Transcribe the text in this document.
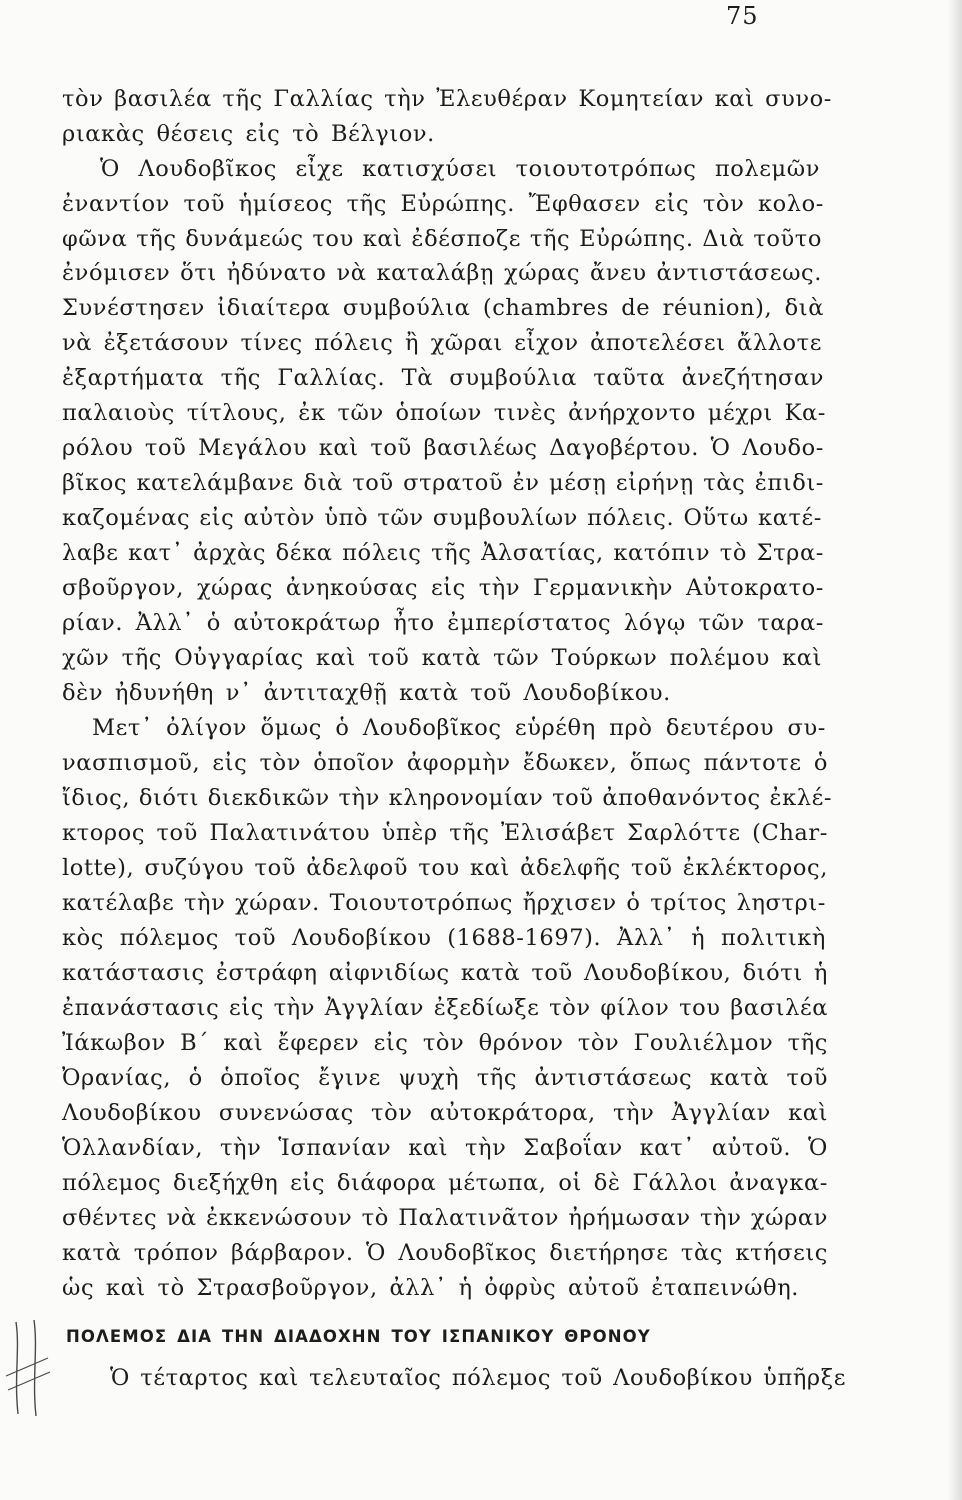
75
τὸν βασιλέα τῆς Γαλλίας τὴν Ἐλευθέραν Κομητείαν καὶ συνο-
ριακὰς θέσεις εἰς τὸ Βέλγιον.
Ὁ Λουδοβῖκος εἶχε κατισχύσει τοιουτοτρόπως πολεμῶν
ἐναντίον τοῦ ἡμίσεος τῆς Εὐρώπης. Ἔφθασεν εἰς τὸν κολο-
φῶνα τῆς δυνάμεώς του καὶ ἐδέσποζε τῆς Εὐρώπης. Διὰ τοῦτο
ἐνόμισεν ὅτι ἠδύνατο νὰ καταλάβῃ χώρας ἄνευ ἀντιστάσεως.
Συνέστησεν ἰδιαίτερα συμβούλια (chambres de réunion), διὰ
νὰ ἐξετάσουν τίνες πόλεις ἢ χῶραι εἶχον ἀποτελέσει ἄλλοτε
ἐξαρτήματα τῆς Γαλλίας. Τὰ συμβούλια ταῦτα ἀνεζήτησαν
παλαιοὺς τίτλους, ἐκ τῶν ὁποίων τινὲς ἀνήρχοντο μέχρι Κα-
ρόλου τοῦ Μεγάλου καὶ τοῦ βασιλέως Δαγοβέρτου. Ὁ Λουδο-
βῖκος κατελάμβανε διὰ τοῦ στρατοῦ ἐν μέσῃ εἰρήνῃ τὰς ἐπιδι-
καζομένας εἰς αὐτὸν ὑπὸ τῶν συμβουλίων πόλεις. Οὕτω κατέ-
λαβε κατ᾽ ἀρχὰς δέκα πόλεις τῆς Ἀλσατίας, κατόπιν τὸ Στρα-
σβοῦργον, χώρας ἀνηκούσας εἰς τὴν Γερμανικὴν Αὐτοκρατο-
ρίαν. Ἀλλ᾽ ὁ αὐτοκράτωρ ἦτο ἐμπερίστατος λόγῳ τῶν ταρα-
χῶν τῆς Οὐγγαρίας καὶ τοῦ κατὰ τῶν Τούρκων πολέμου καὶ
δὲν ἠδυνήθη ν᾽ ἀντιταχθῇ κατὰ τοῦ Λουδοβίκου.
Μετ᾽ ὀλίγον ὅμως ὁ Λουδοβῖκος εὑρέθη πρὸ δευτέρου συ-
νασπισμοῦ, εἰς τὸν ὁποῖον ἀφορμὴν ἔδωκεν, ὅπως πάντοτε ὁ
ἴδιος, διότι διεκδικῶν τὴν κληρονομίαν τοῦ ἀποθανόντος ἐκλέ-
κτορος τοῦ Παλατινάτου ὑπὲρ τῆς Ἐλισάβετ Σαρλόττε (Char-
lotte), συζύγου τοῦ ἀδελφοῦ του καὶ ἀδελφῆς τοῦ ἐκλέκτορος,
κατέλαβε τὴν χώραν. Τοιουτοτρόπως ἤρχισεν ὁ τρίτος ληστρι-
κὸς πόλεμος τοῦ Λουδοβίκου (1688-1697). Ἀλλ᾽ ἡ πολιτικὴ
κατάστασις ἐστράφη αἰφνιδίως κατὰ τοῦ Λουδοβίκου, διότι ἡ
ἐπανάστασις εἰς τὴν Ἀγγλίαν ἐξεδίωξε τὸν φίλον του βασιλέα
Ἰάκωβον Β´ καὶ ἔφερεν εἰς τὸν θρόνον τὸν Γουλιέλμον τῆς
Ὀρανίας, ὁ ὁποῖος ἔγινε ψυχὴ τῆς ἀντιστάσεως κατὰ τοῦ
Λουδοβίκου συνενώσας τὸν αὐτοκράτορα, τὴν Ἀγγλίαν καὶ
Ὁλλανδίαν, τὴν Ἱσπανίαν καὶ τὴν Σαβοΐαν κατ᾽ αὐτοῦ. Ὁ
πόλεμος διεξήχθη εἰς διάφορα μέτωπα, οἱ δὲ Γάλλοι ἀναγκα-
σθέντες νὰ ἐκκενώσουν τὸ Παλατινᾶτον ἠρήμωσαν τὴν χώραν
κατὰ τρόπον βάρβαρον. Ὁ Λουδοβῖκος διετήρησε τὰς κτήσεις
ὡς καὶ τὸ Στρασβοῦργον, ἀλλ᾽ ἡ ὀφρὺς αὐτοῦ ἐταπεινώθη.
ΠΟΛΕΜΟΣ ΔΙΑ ΤΗΝ ΔΙΑΔΟΧΗΝ ΤΟΥ ΙΣΠΑΝΙΚΟΥ ΘΡΟΝΟΥ
Ὁ τέταρτος καὶ τελευταῖος πόλεμος τοῦ Λουδοβίκου ὑπῆρξε
